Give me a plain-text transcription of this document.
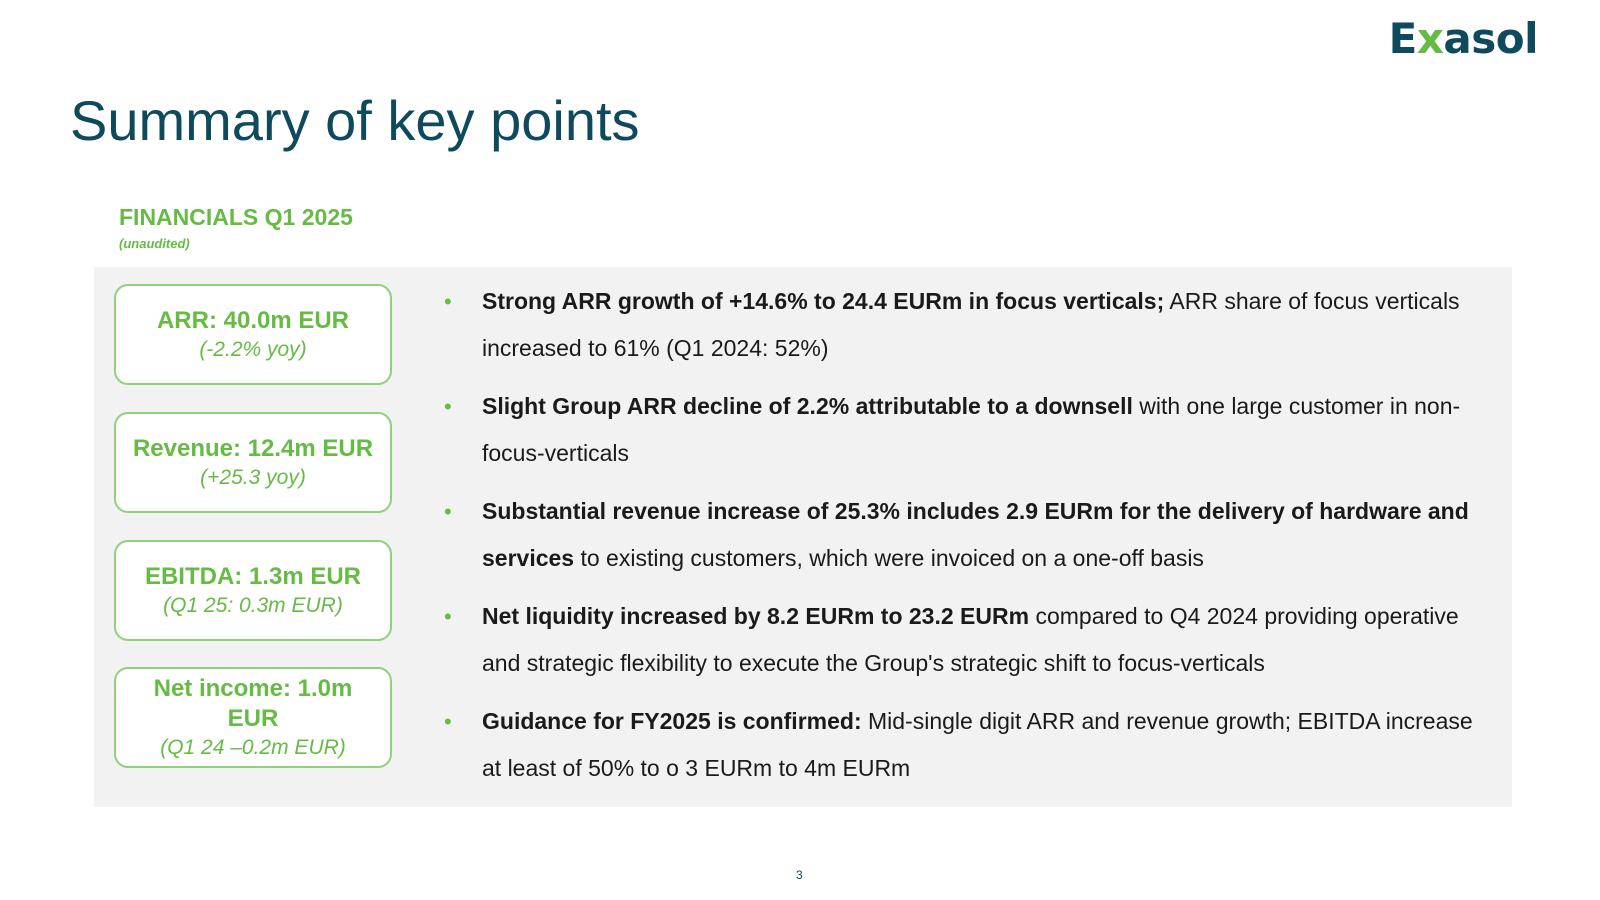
Exasol
Summary of key points
FINANCIALS Q1 2025
(unaudited)
ARR: 40.0m EUR
(-2.2% yoy)
Revenue: 12.4m EUR
(+25.3 yoy)
EBITDA: 1.3m EUR
(Q1 25: 0.3m EUR)
Net income: 1.0m EUR
(Q1 24 –0.2m EUR)
• Strong ARR growth of +14.6% to 24.4 EURm in focus verticals; ARR share of focus verticals increased to 61% (Q1 2024: 52%)
• Slight Group ARR decline of 2.2% attributable to a downsell with one large customer in non-focus-verticals
• Substantial revenue increase of 25.3% includes 2.9 EURm for the delivery of hardware and services to existing customers, which were invoiced on a one-off basis
• Net liquidity increased by 8.2 EURm to 23.2 EURm compared to Q4 2024 providing operative and strategic flexibility to execute the Group's strategic shift to focus-verticals
• Guidance for FY2025 is confirmed: Mid-single digit ARR and revenue growth; EBITDA increase at least of 50% to o 3 EURm to 4m EURm
3
